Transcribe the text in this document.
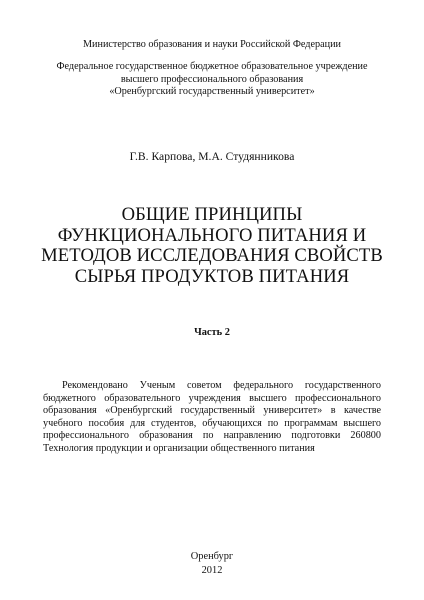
Министерство образования и науки Российской Федерации
Федеральное государственное бюджетное образовательное учреждение
высшего профессионального образования
«Оренбургский государственный университет»
Г.В. Карпова, М.А. Студянникова
ОБЩИЕ ПРИНЦИПЫ
ФУНКЦИОНАЛЬНОГО ПИТАНИЯ И
МЕТОДОВ ИССЛЕДОВАНИЯ СВОЙСТВ
СЫРЬЯ ПРОДУКТОВ ПИТАНИЯ
Часть 2
Рекомендовано Ученым советом федерального государственного бюджетного образовательного учреждения высшего профессионального образования «Оренбургский государственный университет» в качестве учебного пособия для студентов, обучающихся по программам высшего профессионального образования по направлению подготовки 260800 Технология продукции и организации общественного питания
Оренбург
2012
